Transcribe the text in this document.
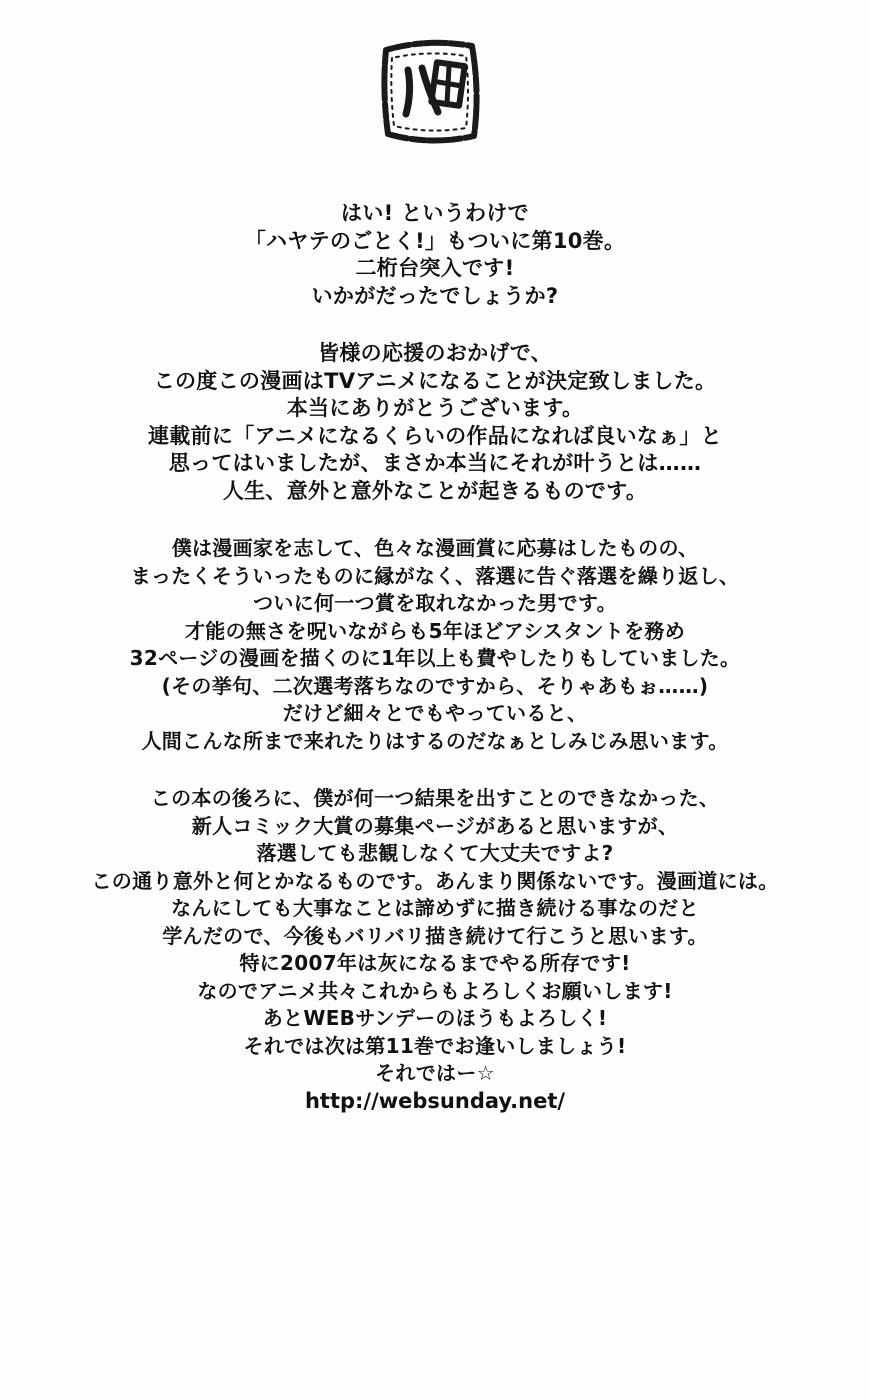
はい! というわけで
「ハヤテのごとく!」もついに第10巻。
二桁台突入です!
いかがだったでしょうか?
皆様の応援のおかげで、
この度この漫画はTVアニメになることが決定致しました。
本当にありがとうございます。
連載前に「アニメになるくらいの作品になれば良いなぁ」と
思ってはいましたが、まさか本当にそれが叶うとは……
人生、意外と意外なことが起きるものです。
僕は漫画家を志して、色々な漫画賞に応募はしたものの、
まったくそういったものに縁がなく、落選に告ぐ落選を繰り返し、
ついに何一つ賞を取れなかった男です。
才能の無さを呪いながらも5年ほどアシスタントを務め
32ページの漫画を描くのに1年以上も費やしたりもしていました。
(その挙句、二次選考落ちなのですから、そりゃあもぉ……)
だけど細々とでもやっていると、
人間こんな所まで来れたりはするのだなぁとしみじみ思います。
この本の後ろに、僕が何一つ結果を出すことのできなかった、
新人コミック大賞の募集ページがあると思いますが、
落選しても悲観しなくて大丈夫ですよ?
この通り意外と何とかなるものです。あんまり関係ないです。漫画道には。
なんにしても大事なことは諦めずに描き続ける事なのだと
学んだので、今後もバリバリ描き続けて行こうと思います。
特に2007年は灰になるまでやる所存です!
なのでアニメ共々これからもよろしくお願いします!
あとWEBサンデーのほうもよろしく!
それでは次は第11巻でお逢いしましょう!
それではー☆
http://websunday.net/
